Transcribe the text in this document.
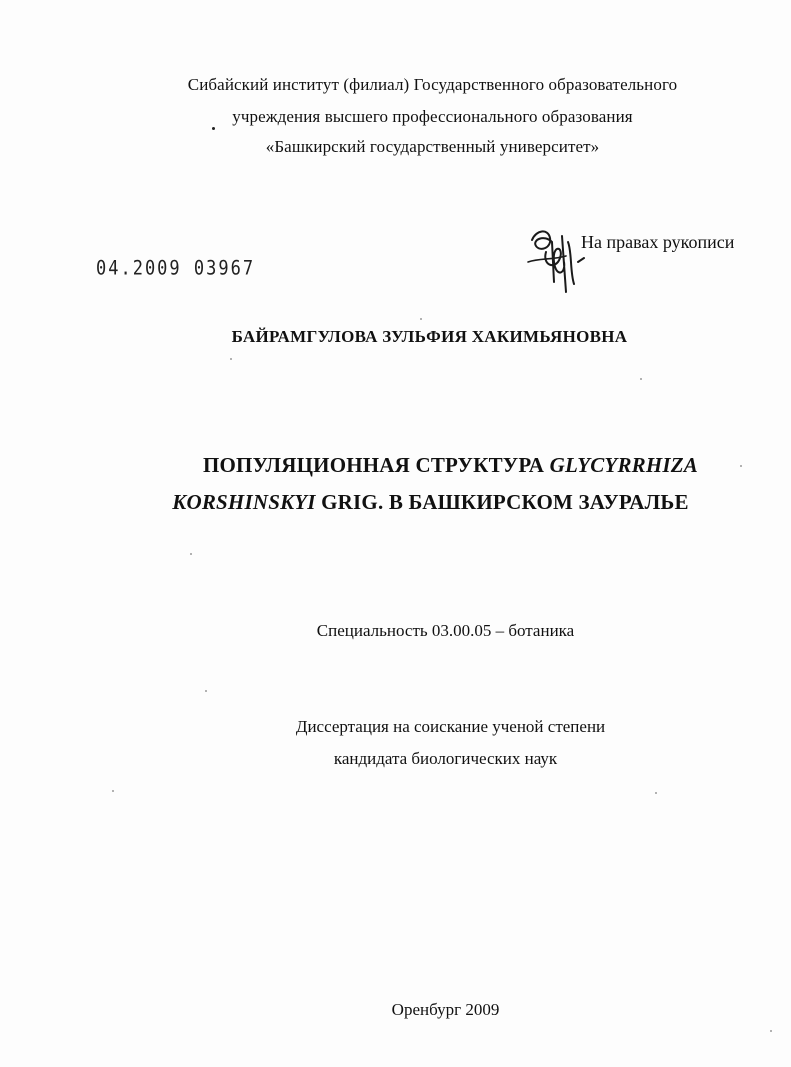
Сибайский институт (филиал) Государственного образовательного
учреждения высшего профессионального образования
«Башкирский государственный университет»
04.2009 03967
На правах рукописи
БАЙРАМГУЛОВА ЗУЛЬФИЯ ХАКИМЬЯНОВНА
ПОПУЛЯЦИОННАЯ СТРУКТУРА GLYCYRRHIZA
KORSHINSKYI GRIG. В БАШКИРСКОМ ЗАУРАЛЬЕ
Специальность 03.00.05 – ботаника
Диссертация на соискание ученой степени
кандидата биологических наук
Оренбург 2009
